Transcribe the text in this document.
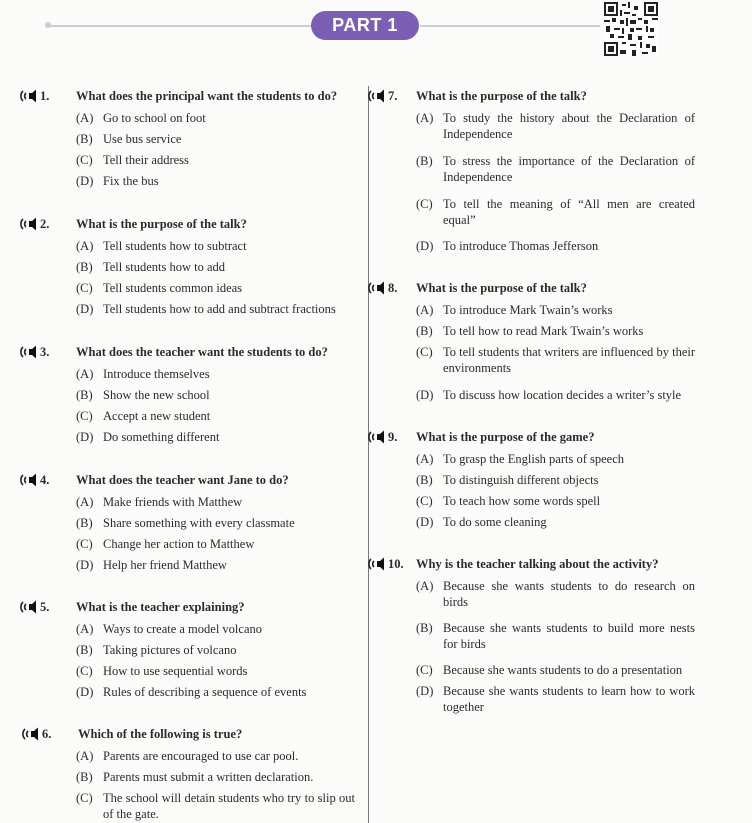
PART 1
1. What does the principal want the students to do?
(A) Go to school on foot
(B) Use bus service
(C) Tell their address
(D) Fix the bus
2. What is the purpose of the talk?
(A) Tell students how to subtract
(B) Tell students how to add
(C) Tell students common ideas
(D) Tell students how to add and subtract fractions
3. What does the teacher want the students to do?
(A) Introduce themselves
(B) Show the new school
(C) Accept a new student
(D) Do something different
4. What does the teacher want Jane to do?
(A) Make friends with Matthew
(B) Share something with every classmate
(C) Change her action to Matthew
(D) Help her friend Matthew
5. What is the teacher explaining?
(A) Ways to create a model volcano
(B) Taking pictures of volcano
(C) How to use sequential words
(D) Rules of describing a sequence of events
6. Which of the following is true?
(A) Parents are encouraged to use car pool.
(B) Parents must submit a written declaration.
(C) The school will detain students who try to slip out of the gate.
7. What is the purpose of the talk?
(A) To study the history about the Declaration of Independence
(B) To stress the importance of the Declaration of Independence
(C) To tell the meaning of “All men are created equal”
(D) To introduce Thomas Jefferson
8. What is the purpose of the talk?
(A) To introduce Mark Twain’s works
(B) To tell how to read Mark Twain’s works
(C) To tell students that writers are influenced by their environments
(D) To discuss how location decides a writer’s style
9. What is the purpose of the game?
(A) To grasp the English parts of speech
(B) To distinguish different objects
(C) To teach how some words spell
(D) To do some cleaning
10. Why is the teacher talking about the activity?
(A) Because she wants students to do research on birds
(B) Because she wants students to build more nests for birds
(C) Because she wants students to do a presentation
(D) Because she wants students to learn how to work together
